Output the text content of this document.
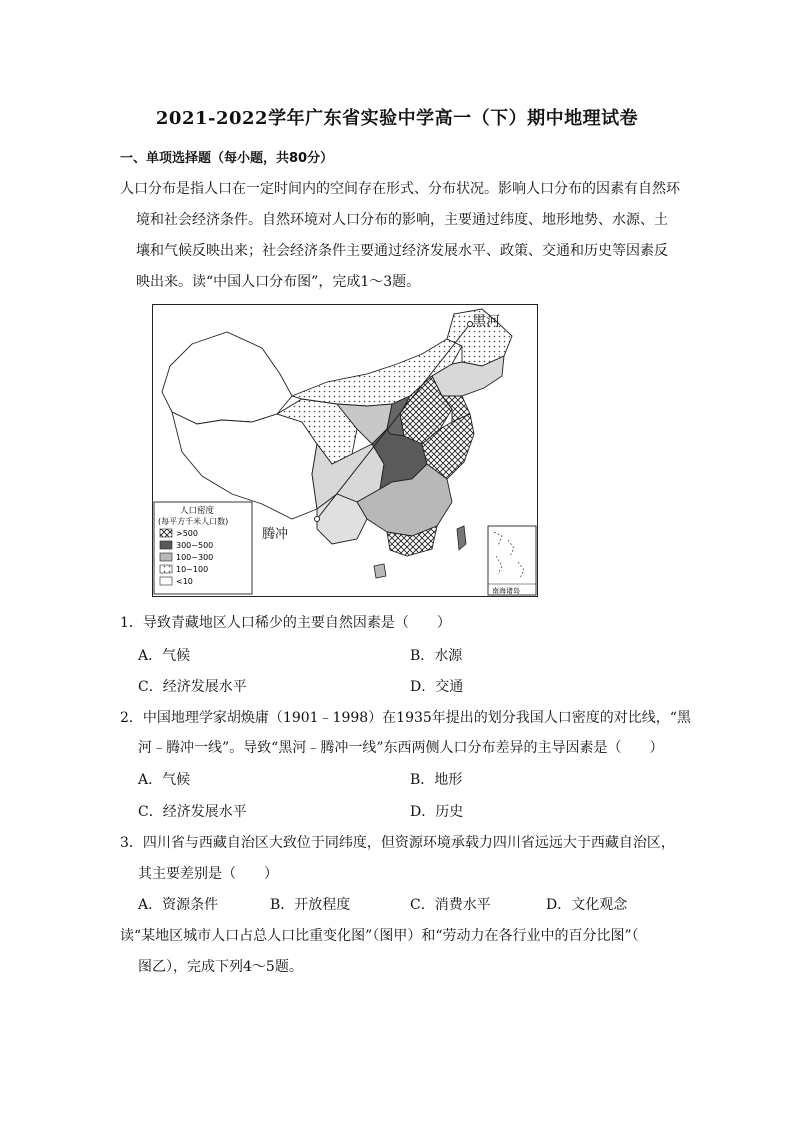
2021-2022学年广东省实验中学高一（下）期中地理试卷
一、单项选择题（每小题，共80分）
人口分布是指人口在一定时间内的空间存在形式、分布状况。影响人口分布的因素有自然环
境和社会经济条件。自然环境对人口分布的影响，主要通过纬度、地形地势、水源、土
壤和气候反映出来；社会经济条件主要通过经济发展水平、政策、交通和历史等因素反
映出来。读“中国人口分布图”，完成1～3题。
黑河
腾冲
人口密度
(每平方千米人口数)
>500
300~500
100~300
10~100
<10
南海诸岛
1．导致青藏地区人口稀少的主要自然因素是（　　）
A．气候	B．水源
C．经济发展水平	D．交通
2．中国地理学家胡焕庸（1901﹣1998）在1935年提出的划分我国人口密度的对比线，“黑
河﹣腾冲一线”。导致“黑河﹣腾冲一线”东西两侧人口分布差异的主导因素是（　　）
A．气候	B．地形
C．经济发展水平	D．历史
3．四川省与西藏自治区大致位于同纬度，但资源环境承载力四川省远远大于西藏自治区，
其主要差别是（　　）
A．资源条件	B．开放程度	C．消费水平	D．文化观念
读“某地区城市人口占总人口比重变化图”（图甲）和“劳动力在各行业中的百分比图”（
图乙），完成下列4～5题。
